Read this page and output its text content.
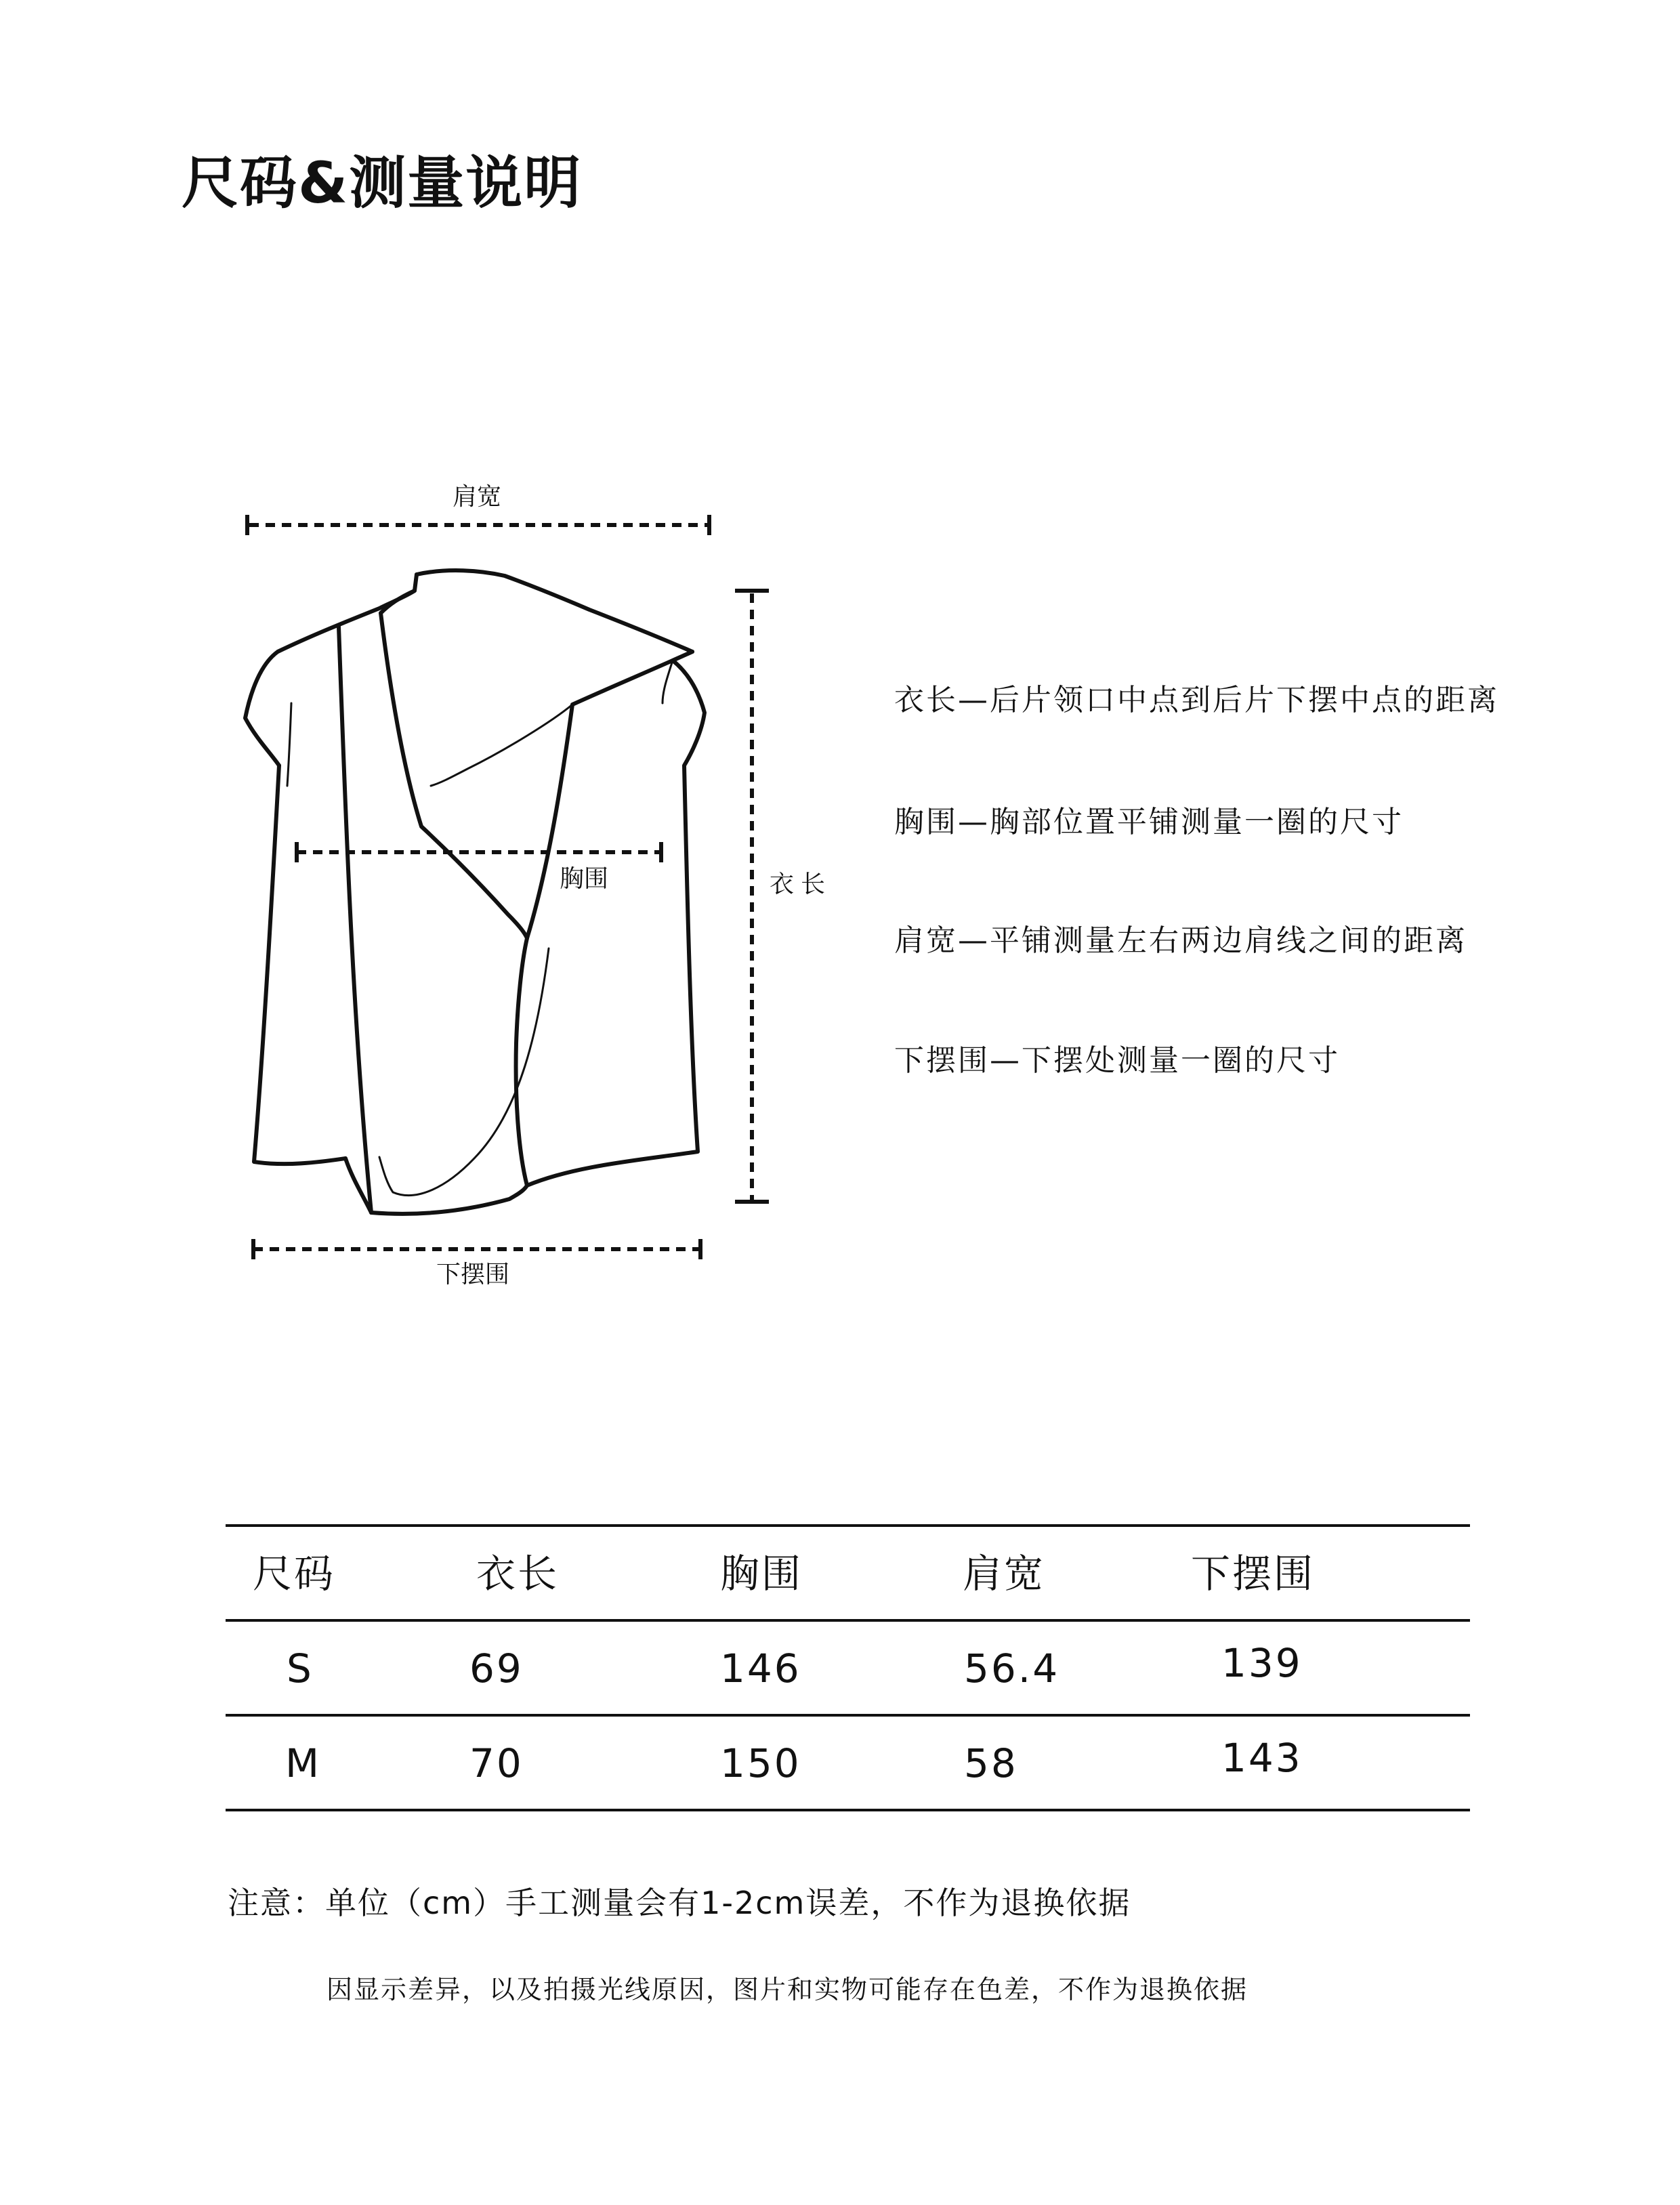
尺码&测量说明
肩宽
胸围	衣长
下摆围
衣长—后片领口中点到后片下摆中点的距离
胸围—胸部位置平铺测量一圈的尺寸
肩宽—平铺测量左右两边肩线之间的距离
下摆围—下摆处测量一圈的尺寸
尺码	衣长	胸围	肩宽	下摆围
S	69	146	56.4	139
M	70	150	58	143
注意：单位（cm）手工测量会有1-2cm误差，不作为退换依据
因显示差异，以及拍摄光线原因，图片和实物可能存在色差，不作为退换依据
